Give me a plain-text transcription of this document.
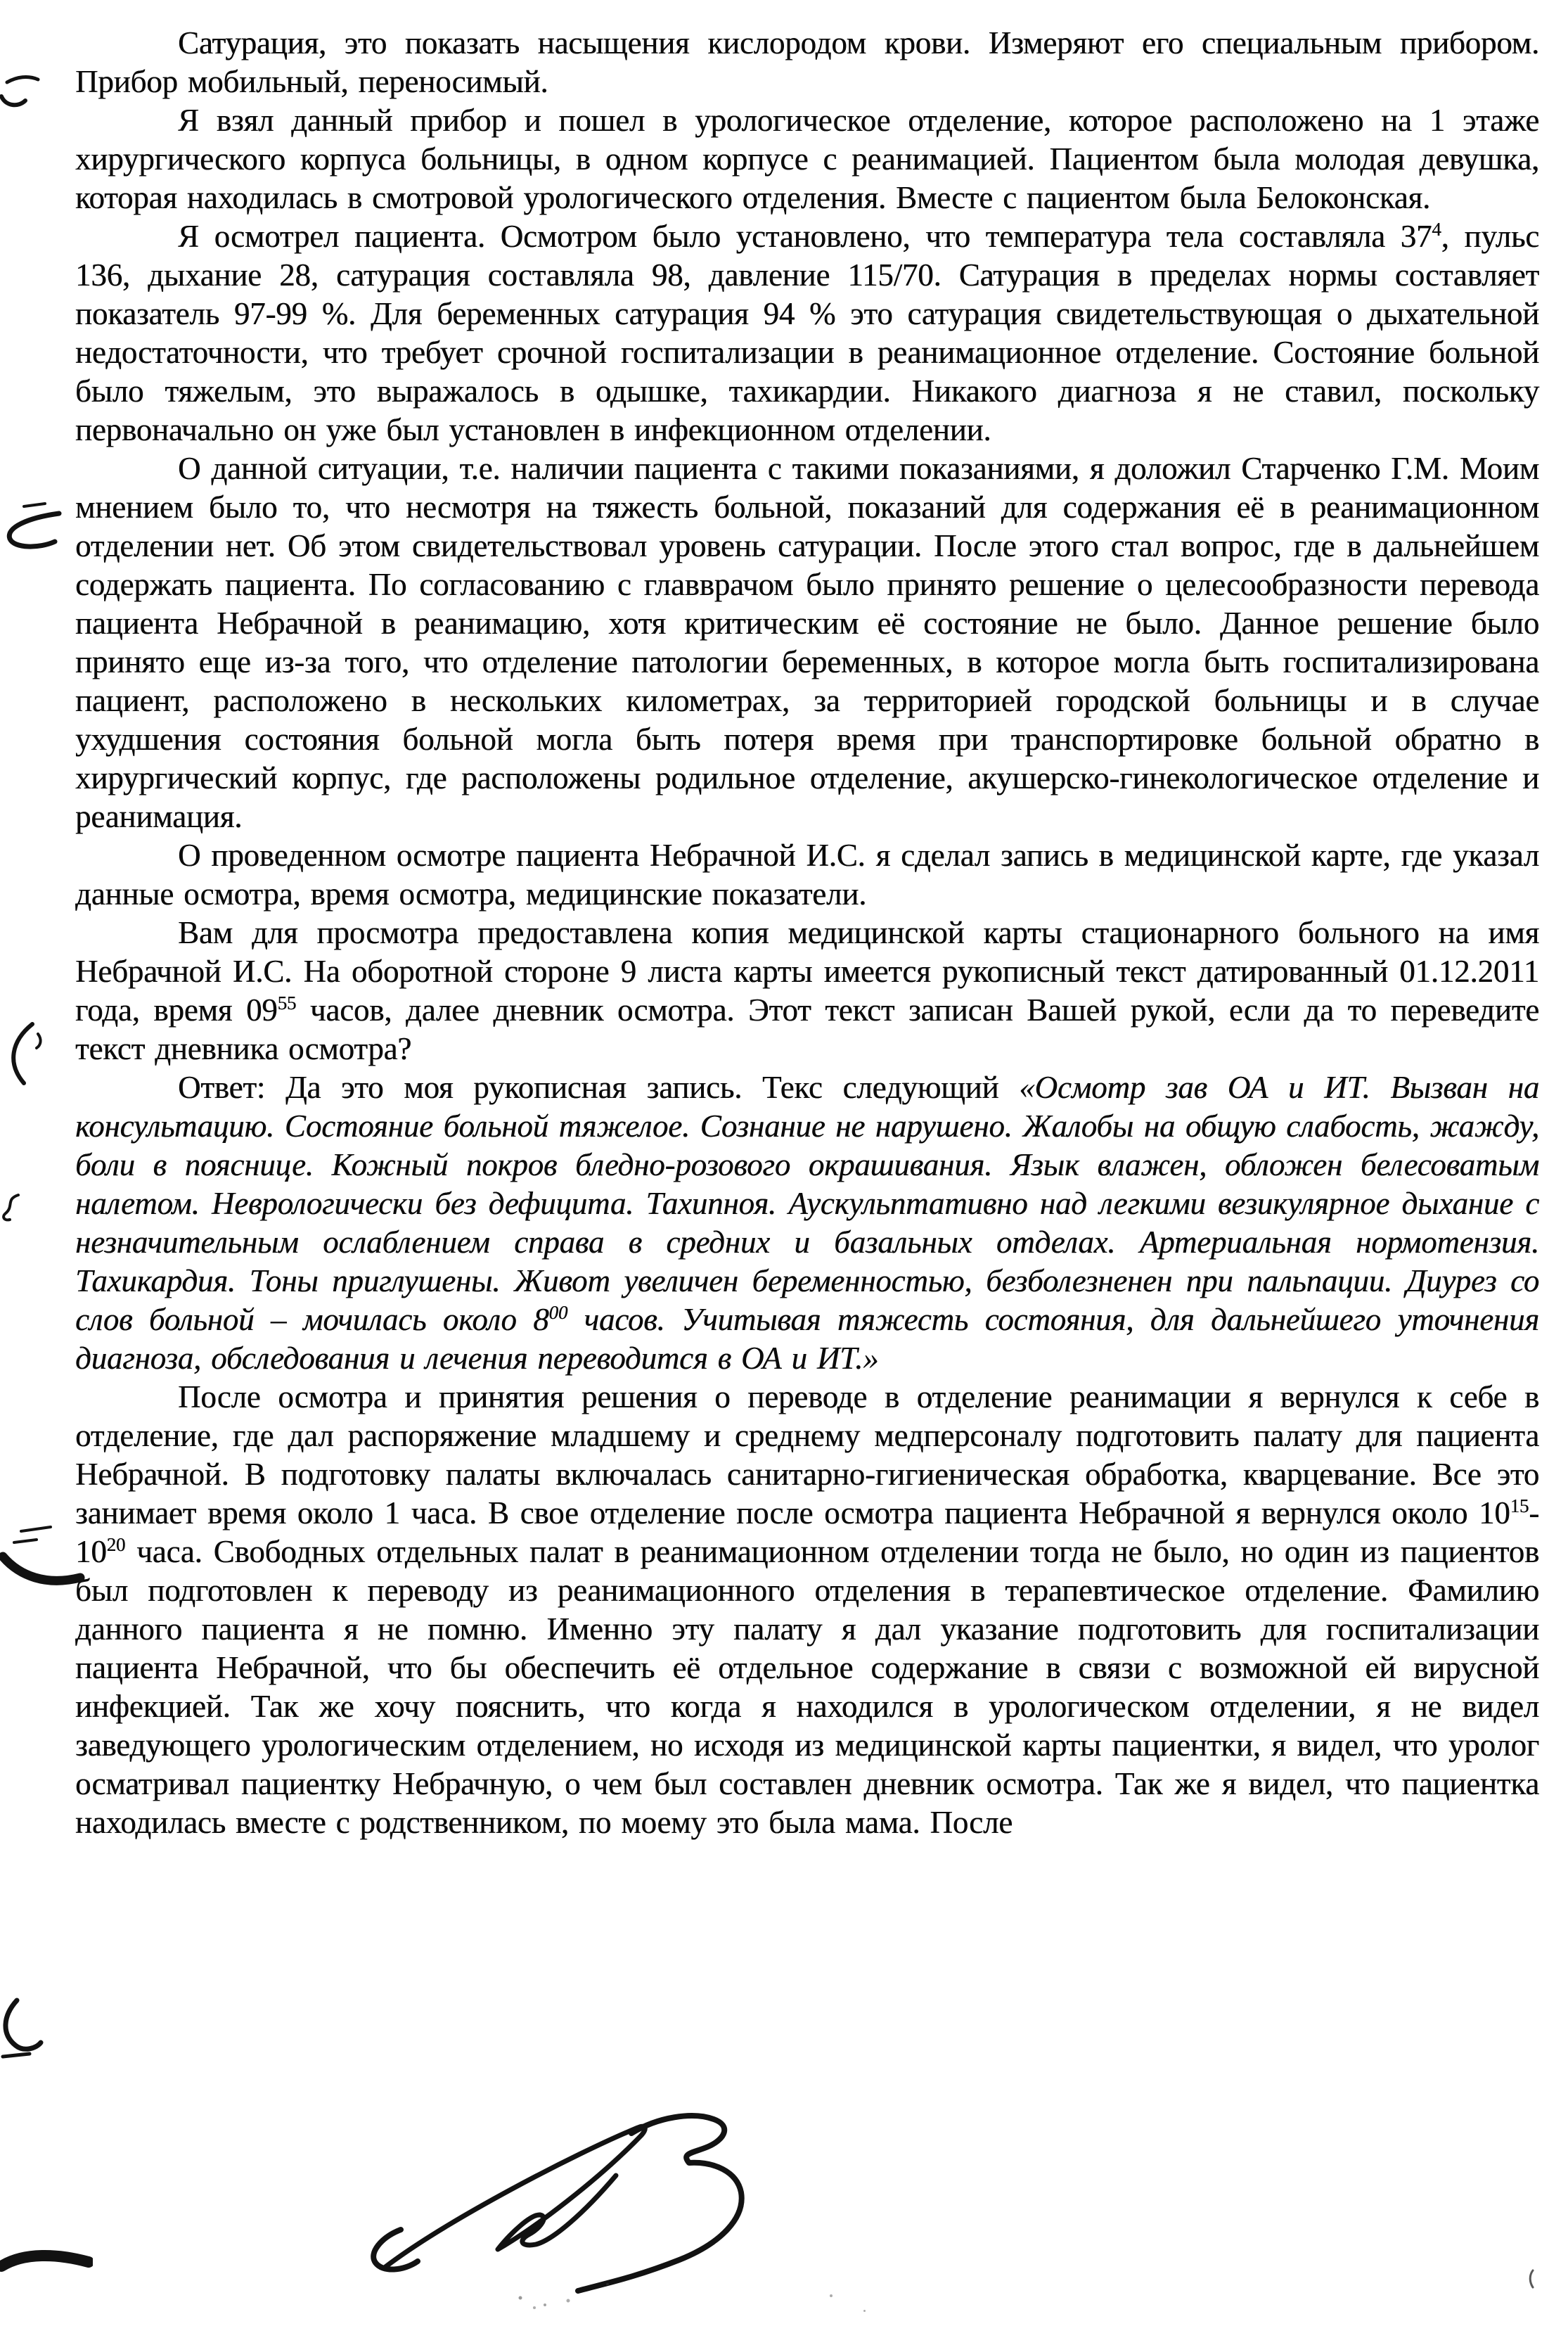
Сатурация, это показать насыщения кислородом крови. Измеряют его специальным прибором. Прибор мобильный, переносимый.

Я взял данный прибор и пошел в урологическое отделение, которое расположено на 1 этаже хирургического корпуса больницы, в одном корпусе с реанимацией. Пациентом была молодая девушка, которая находилась в смотровой урологического отделения. Вместе с пациентом была Белоконская.

Я осмотрел пациента. Осмотром было установлено, что температура тела составляла $37^4$, пульс 136, дыхание 28, сатурация составляла 98, давление 115/70. Сатурация в пределах нормы составляет показатель 97-99 %. Для беременных сатурация 94 % это сатурация свидетельствующая о дыхательной недостаточности, что требует срочной госпитализации в реанимационное отделение. Состояние больной было тяжелым, это выражалось в одышке, тахикардии. Никакого диагноза я не ставил, поскольку первоначально он уже был установлен в инфекционном отделении.

О данной ситуации, т.е. наличии пациента с такими показаниями, я доложил Старченко Г.М. Моим мнением было то, что несмотря на тяжесть больной, показаний для содержания её в реанимационном отделении нет. Об этом свидетельствовал уровень сатурации. После этого стал вопрос, где в дальнейшем содержать пациента. По согласованию с главврачом было принято решение о целесообразности перевода пациента Небрачной в реанимацию, хотя критическим её состояние не было. Данное решение было принято еще из-за того, что отделение патологии беременных, в которое могла быть госпитализирована пациент, расположено в нескольких километрах, за территорией городской больницы и в случае ухудшения состояния больной могла быть потеря время при транспортировке больной обратно в хирургический корпус, где расположены родильное отделение, акушерско-гинекологическое отделение и реанимация.

О проведенном осмотре пациента Небрачной И.С. я сделал запись в медицинской карте, где указал данные осмотра, время осмотра, медицинские показатели.

Вам для просмотра предоставлена копия медицинской карты стационарного больного на имя Небрачной И.С. На оборотной стороне 9 листа карты имеется рукописный текст датированный 01.12.2011 года, время $09^{55}$ часов, далее дневник осмотра. Этот текст записан Вашей рукой, если да то переведите текст дневника осмотра?

Ответ: Да это моя рукописная запись. Текс следующий «Осмотр зав ОА и ИТ. Вызван на консультацию. Состояние больной тяжелое. Сознание не нарушено. Жалобы на общую слабость, жажду, боли в пояснице. Кожный покров бледно-розового окрашивания. Язык влажен, обложен белесоватым налетом. Неврологически без дефицита. Тахипноя. Аускульптативно над легкими везикулярное дыхание с незначительным ослаблением справа в средних и базальных отделах. Артериальная нормотензия. Тахикардия. Тоны приглушены. Живот увеличен беременностью, безболезненен при пальпации. Диурез со слов больной – мочилась около $8^{00}$ часов. Учитывая тяжесть состояния, для дальнейшего уточнения диагноза, обследования и лечения переводится в ОА и ИТ.»

После осмотра и принятия решения о переводе в отделение реанимации я вернулся к себе в отделение, где дал распоряжение младшему и среднему медперсоналу подготовить палату для пациента Небрачной. В подготовку палаты включалась санитарно-гигиеническая обработка, кварцевание. Все это занимает время около 1 часа. В свое отделение после осмотра пациента Небрачной я вернулся около $10^{15}-10^{20}$ часа. Свободных отдельных палат в реанимационном отделении тогда не было, но один из пациентов был подготовлен к переводу из реанимационного отделения в терапевтическое отделение. Фамилию данного пациента я не помню. Именно эту палату я дал указание подготовить для госпитализации пациента Небрачной, что бы обеспечить её отдельное содержание в связи с возможной ей вирусной инфекцией. Так же хочу пояснить, что когда я находился в урологическом отделении, я не видел заведующего урологическим отделением, но исходя из медицинской карты пациентки, я видел, что уролог осматривал пациентку Небрачную, о чем был составлен дневник осмотра. Так же я видел, что пациентка находилась вместе с родственником, по моему это была мама. После
